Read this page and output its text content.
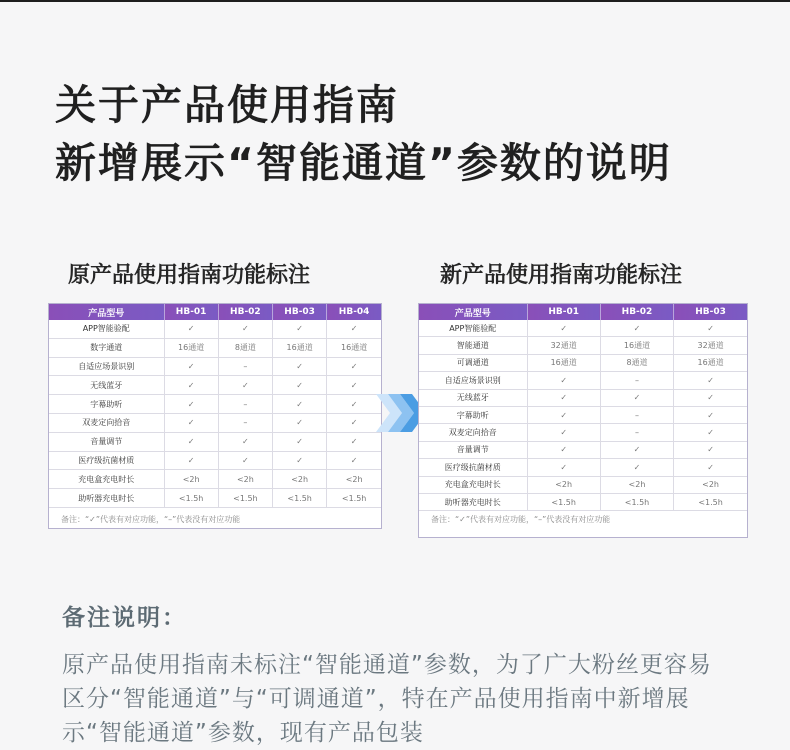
关于产品使用指南
新增展示“智能通道”参数的说明
原产品使用指南功能标注	新产品使用指南功能标注
产品型号	HB-01	HB-02	HB-03	HB-04
APP智能验配	✓	✓	✓	✓
数字通道	16通道	8通道	16通道	16通道
自适应场景识别	✓	–	✓	✓
无线蓝牙	✓	✓	✓	✓
字幕助听	✓	–	✓	✓
双麦定向拾音	✓	–	✓	✓
音量调节	✓	✓	✓	✓
医疗级抗菌材质	✓	✓	✓	✓
充电盒充电时长	<2h	<2h	<2h	<2h
助听器充电时长	<1.5h	<1.5h	<1.5h	<1.5h
备注：“✓”代表有对应功能，“–”代表没有对应功能
产品型号	HB-01	HB-02	HB-03
APP智能验配	✓	✓	✓
智能通道	32通道	16通道	32通道
可调通道	16通道	8通道	16通道
自适应场景识别	✓	–	✓
无线蓝牙	✓	✓	✓
字幕助听	✓	–	✓
双麦定向拾音	✓	–	✓
音量调节	✓	✓	✓
医疗级抗菌材质	✓	✓	✓
充电盒充电时长	<2h	<2h	<2h
助听器充电时长	<1.5h	<1.5h	<1.5h
备注：“✓”代表有对应功能，“–”代表没有对应功能
备注说明：

原产品使用指南未标注“智能通道”参数，为了广大粉丝更容易区分“智能通道”与“可调通道”，特在产品使用指南中新增展示“智能通道”参数，现有产品包装
